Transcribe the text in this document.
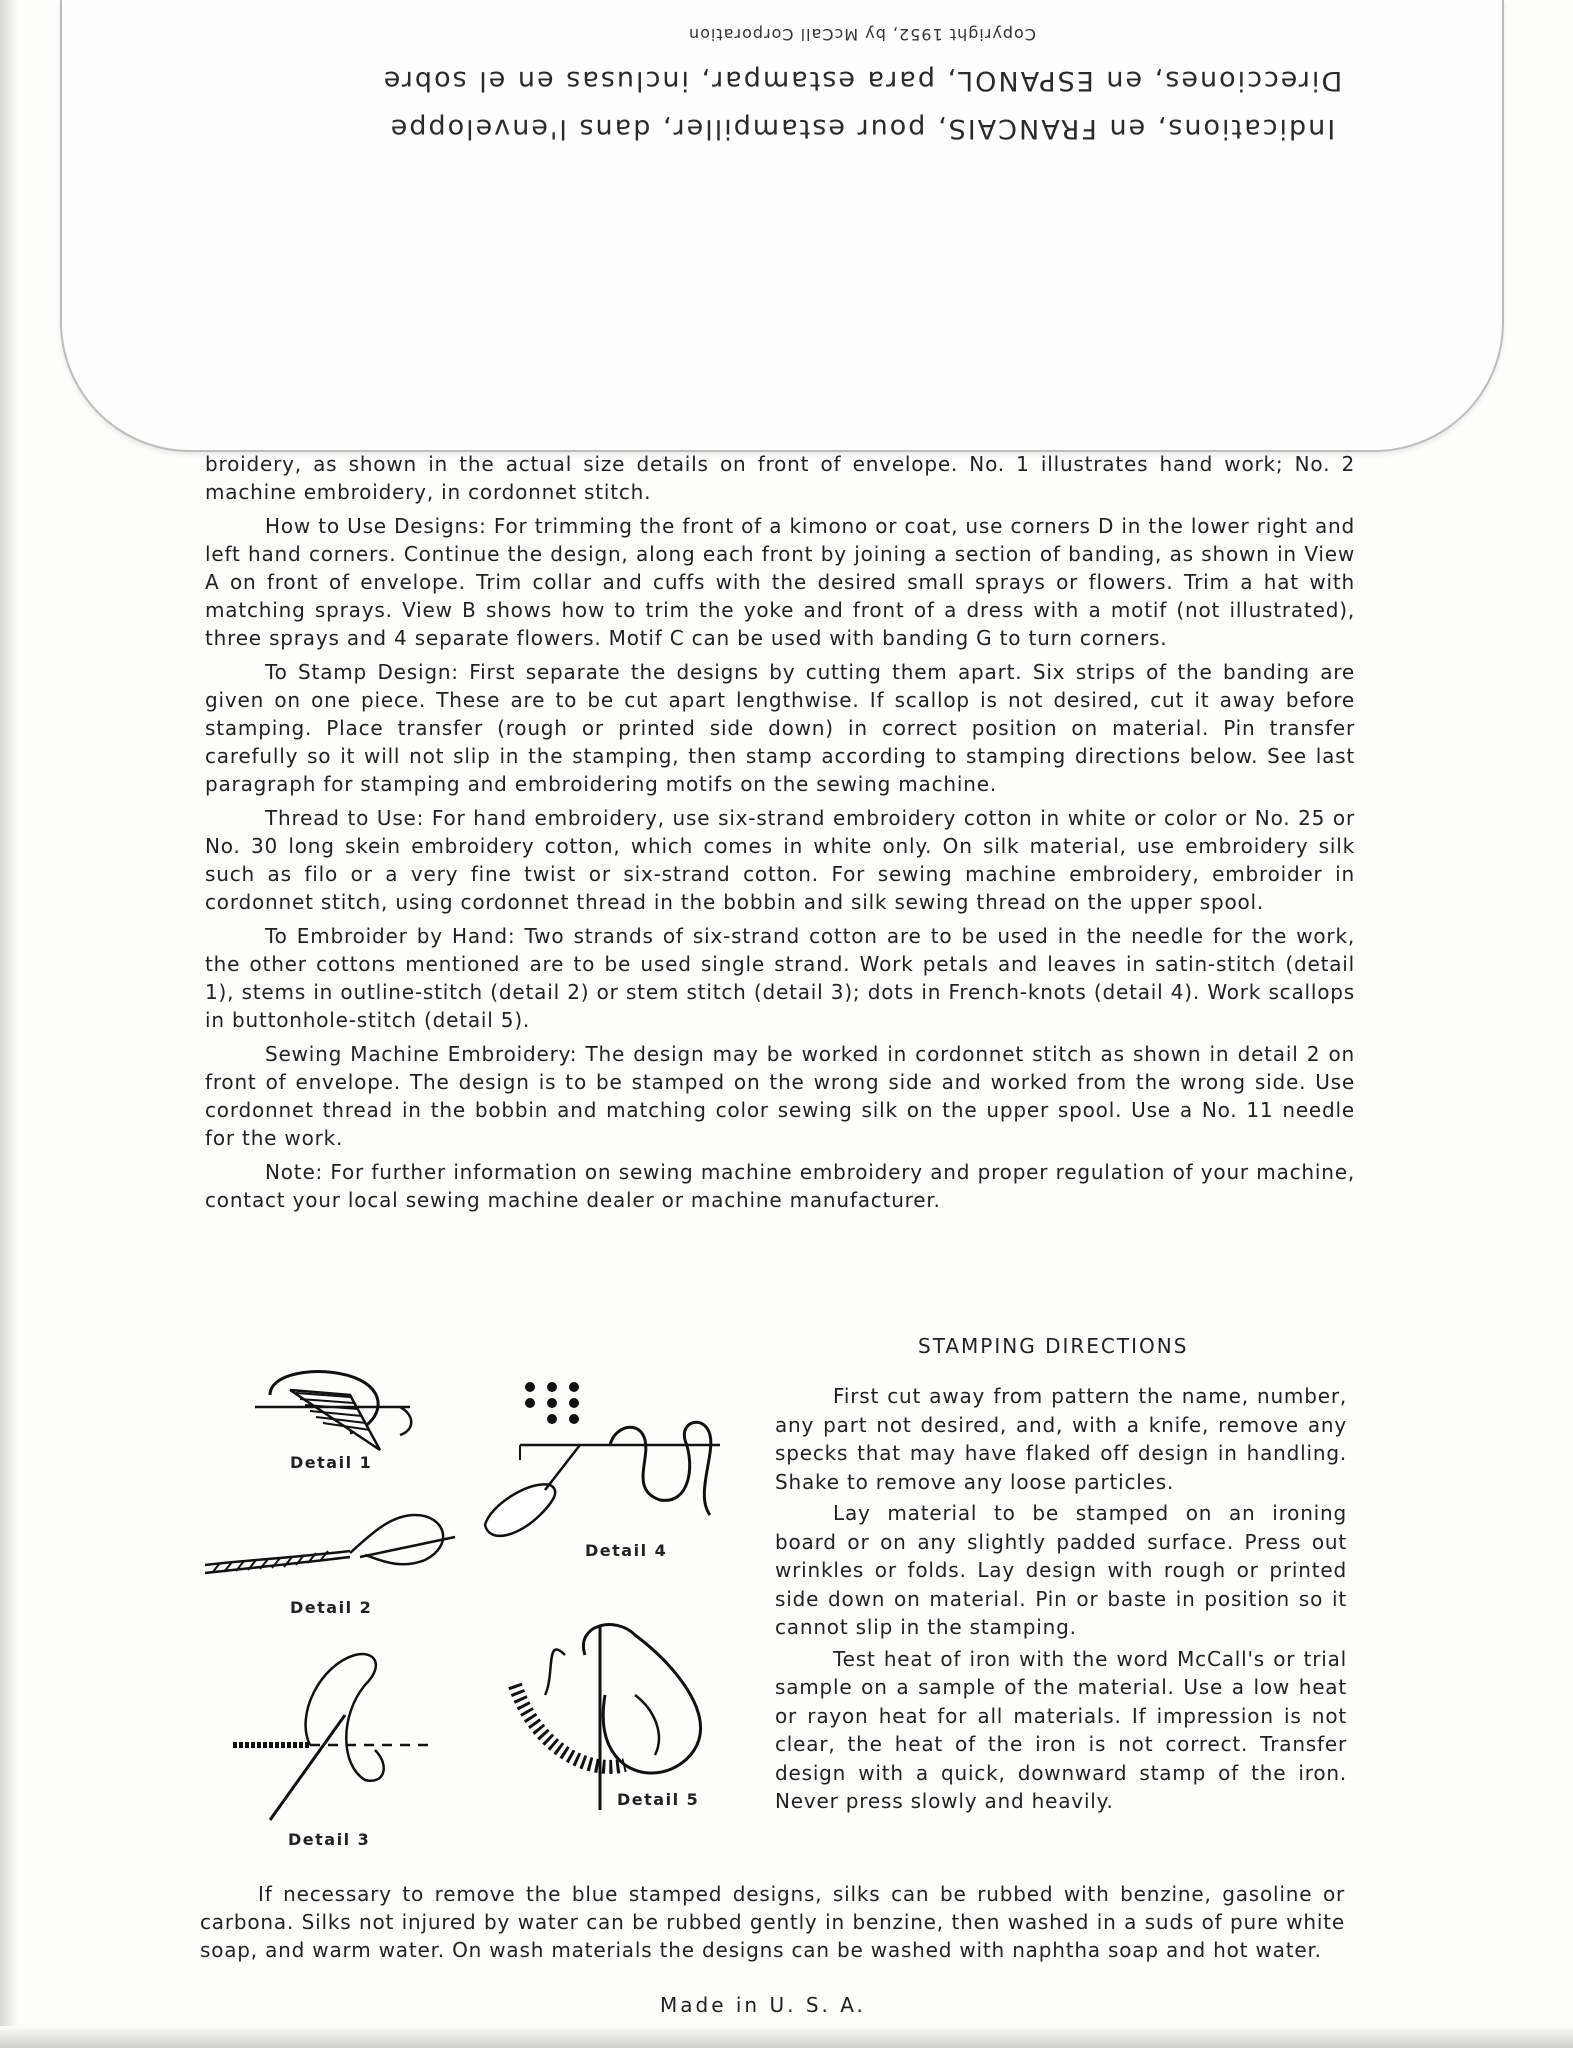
Indications, en FRANCAIS, pour estampiller, dans l'enveloppe
Direcciones, en ESPANOL, para estampar, inclusas en el sobre
Copyright 1952, by McCall Corporation

broidery, as shown in the actual size details on front of envelope. No. 1 illustrates hand work; No. 2 machine embroidery, in cordonnet stitch.

How to Use Designs: For trimming the front of a kimono or coat, use corners D in the lower right and left hand corners. Continue the design, along each front by joining a section of banding, as shown in View A on front of envelope. Trim collar and cuffs with the desired small sprays or flowers. Trim a hat with matching sprays. View B shows how to trim the yoke and front of a dress with a motif (not illustrated), three sprays and 4 separate flowers. Motif C can be used with banding G to turn corners.

To Stamp Design: First separate the designs by cutting them apart. Six strips of the banding are given on one piece. These are to be cut apart lengthwise. If scallop is not desired, cut it away before stamping. Place transfer (rough or printed side down) in correct position on material. Pin transfer carefully so it will not slip in the stamping, then stamp according to stamping directions below. See last paragraph for stamping and embroidering motifs on the sewing machine.

Thread to Use: For hand embroidery, use six-strand embroidery cotton in white or color or No. 25 or No. 30 long skein embroidery cotton, which comes in white only. On silk material, use embroidery silk such as filo or a very fine twist or six-strand cotton. For sewing machine embroidery, embroider in cordonnet stitch, using cordonnet thread in the bobbin and silk sewing thread on the upper spool.

To Embroider by Hand: Two strands of six-strand cotton are to be used in the needle for the work, the other cottons mentioned are to be used single strand. Work petals and leaves in satin-stitch (detail 1), stems in outline-stitch (detail 2) or stem stitch (detail 3); dots in French-knots (detail 4). Work scallops in buttonhole-stitch (detail 5).

Sewing Machine Embroidery: The design may be worked in cordonnet stitch as shown in detail 2 on front of envelope. The design is to be stamped on the wrong side and worked from the wrong side. Use cordonnet thread in the bobbin and matching color sewing silk on the upper spool. Use a No. 11 needle for the work.

Note: For further information on sewing machine embroidery and proper regulation of your machine, contact your local sewing machine dealer or machine manufacturer.

Detail 1
Detail 2
Detail 3
Detail 4
Detail 5
STAMPING DIRECTIONS

First cut away from pattern the name, number, any part not desired, and, with a knife, remove any specks that may have flaked off design in handling. Shake to remove any loose particles.

Lay material to be stamped on an ironing board or on any slightly padded surface. Press out wrinkles or folds. Lay design with rough or printed side down on material. Pin or baste in position so it cannot slip in the stamping.

Test heat of iron with the word McCall's or trial sample on a sample of the material. Use a low heat or rayon heat for all materials. If impression is not clear, the heat of the iron is not correct. Transfer design with a quick, downward stamp of the iron. Never press slowly and heavily.

If necessary to remove the blue stamped designs, silks can be rubbed with benzine, gasoline or carbona. Silks not injured by water can be rubbed gently in benzine, then washed in a suds of pure white soap, and warm water. On wash materials the designs can be washed with naphtha soap and hot water.

Made in U. S. A.
